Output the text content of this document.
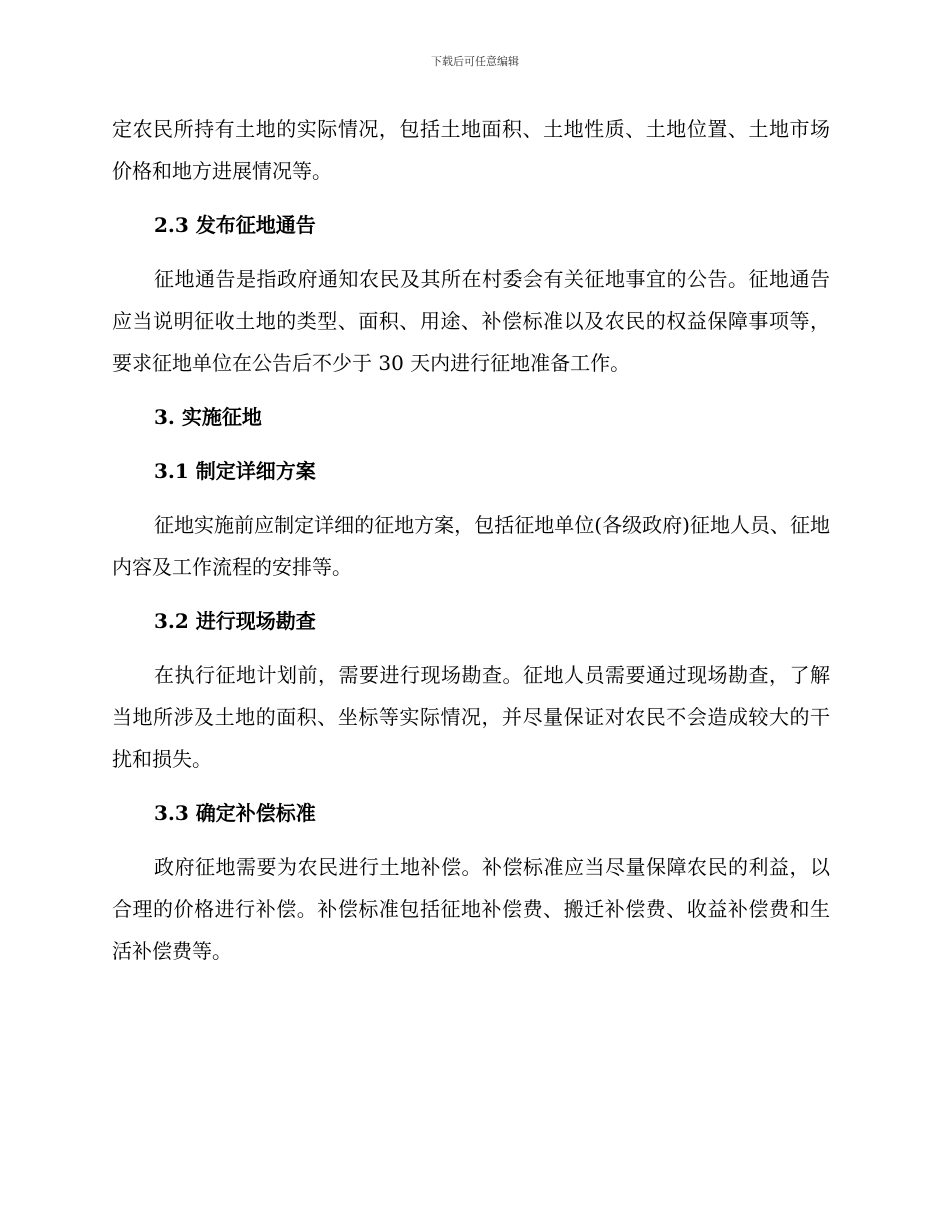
下载后可任意编辑

定农民所持有土地的实际情况，包括土地面积、土地性质、土地位置、土地市场价格和地方进展情况等。

2.3 发布征地通告

征地通告是指政府通知农民及其所在村委会有关征地事宜的公告。征地通告应当说明征收土地的类型、面积、用途、补偿标准以及农民的权益保障事项等，要求征地单位在公告后不少于 30 天内进行征地准备工作。

3. 实施征地
3.1 制定详细方案

征地实施前应制定详细的征地方案，包括征地单位(各级政府)征地人员、征地内容及工作流程的安排等。

3.2 进行现场勘查

在执行征地计划前，需要进行现场勘查。征地人员需要通过现场勘查，了解当地所涉及土地的面积、坐标等实际情况，并尽量保证对农民不会造成较大的干扰和损失。

3.3 确定补偿标准

政府征地需要为农民进行土地补偿。补偿标准应当尽量保障农民的利益，以合理的价格进行补偿。补偿标准包括征地补偿费、搬迁补偿费、收益补偿费和生活补偿费等。
